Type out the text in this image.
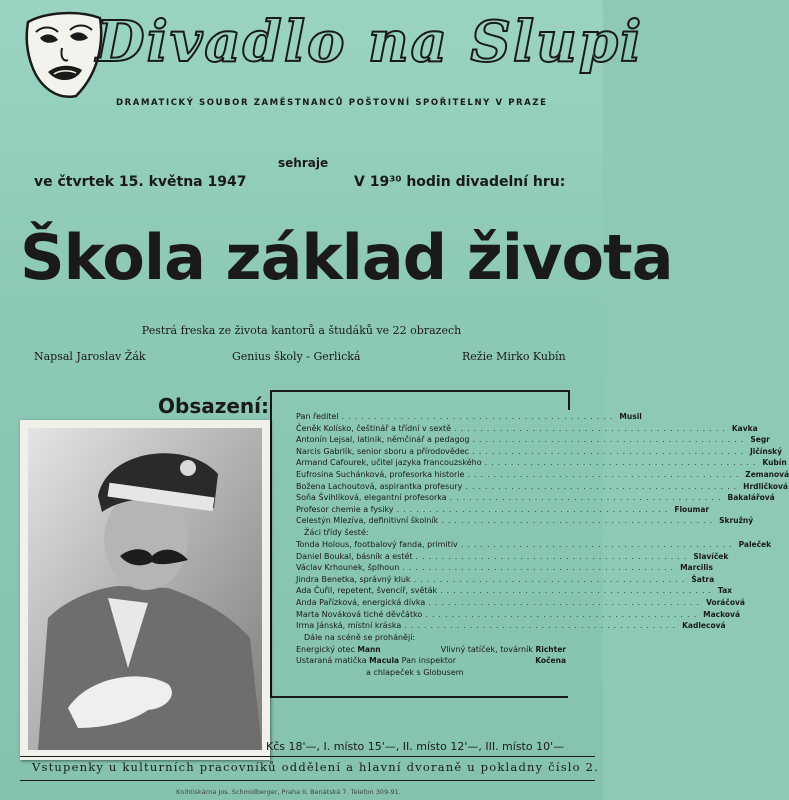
Divadlo na Slupi
DRAMATICKÝ SOUBOR ZAMĚSTNANCŮ POŠTOVNÍ SPOŘITELNY V PRAZE
sehraje
ve čtvrtek 15. května 1947	V 19³⁰ hodin divadelní hru:
Škola základ života
Pestrá freska ze života kantorů a študáků ve 22 obrazech
Napsal Jaroslav Žák	Genius školy - Gerlická	Režie Mirko Kubín
Obsazení:	Pan ředitel .......................................... Musil
Čeněk Kolísko, češtinář a třídní v sextě .......................................... Kavka
Antonín Lejsal, latinik, němčinář a pedagog .......................................... Segr
Narcis Gabrlík, senior sboru a přírodovědec .......................................... Jičínský
Armand Cafourek, učitel jazyka francouzského .......................................... Kubín
Eufrosina Suchánková, profesorka historie .......................................... Zemanová
Božena Lachoutová, aspirantka profesury .......................................... Hrdličková
Soňa Švihlíková, elegantní profesorka .......................................... Bakalářová
Profesor chemie a fysiky .......................................... Floumar
Celestýn Mlezíva, definitivní školník .......................................... Skružný
Žáci třídy šesté:
Tonda Holous, footbalový fanda, primitiv .......................................... Paleček
Daniel Boukal, básník a estét .......................................... Slavíček
Václav Krhounek, šplhoun .......................................... Marcilis
Jindra Benetka, správný kluk .......................................... Šatra
Ada Čuřil, repetent, švencíř, světák .......................................... Tax
Anda Pařízková, energická dívka .......................................... Voráčová
Marta Nováková tiché děvčátko .......................................... Macková
Irma Jánská, místní kráska .......................................... Kadlecová
Dále na scéně se prohánějí:
Energický otec Mann	Vlivný tatíček, továrník Richter
Ustaraná matička Macula Pan inspektor	Kočena
a chlapeček s Globusem
Kčs 18'—, I. místo 15'—, II. místo 12'—, III. místo 10'—
Vstupenky u kulturních pracovníků oddělení a hlavní dvoraně u pokladny číslo 2.
Knihtiskárna Jos. Schmidberger, Praha II, Benátská 7. Telefon 309-91.
